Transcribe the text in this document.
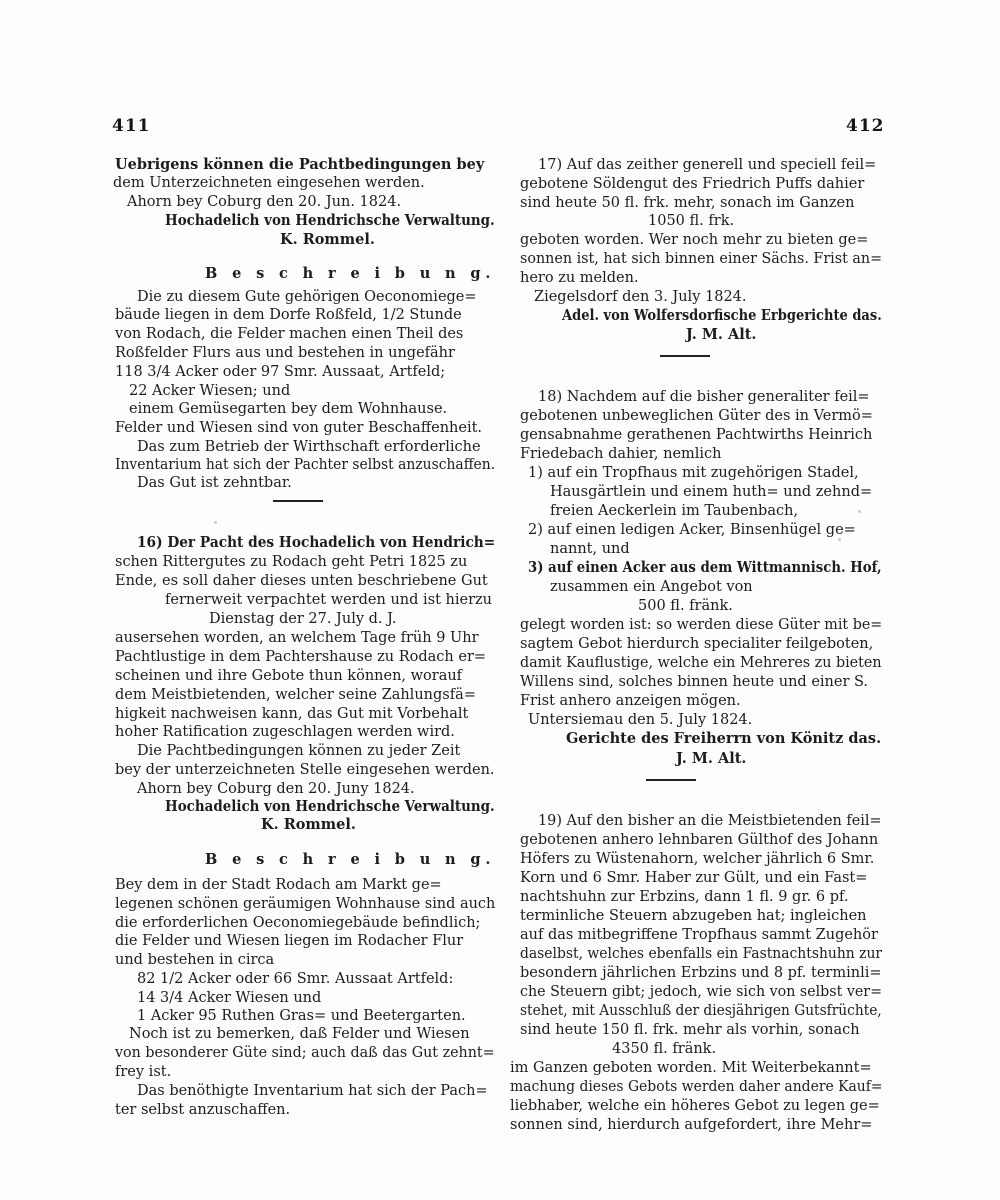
411	412
Uebrigens können die Pachtbedingungen bey
dem Unterzeichneten eingesehen werden.
Ahorn bey Coburg den 20. Jun. 1824.
Hochadelich von Hendrichsche Verwaltung.
K. Rommel.
B e s c h r e i b u n g.
Die zu diesem Gute gehörigen Oeconomiege=
bäude liegen in dem Dorfe Roßfeld, 1/2 Stunde
von Rodach, die Felder machen einen Theil des
Roßfelder Flurs aus und bestehen in ungefähr
118 3/4 Acker oder 97 Smr. Aussaat, Artfeld;
22 Acker Wiesen; und
einem Gemüsegarten bey dem Wohnhause.
Felder und Wiesen sind von guter Beschaffenheit.
Das zum Betrieb der Wirthschaft erforderliche
Inventarium hat sich der Pachter selbst anzuschaffen.
Das Gut ist zehntbar.
16) Der Pacht des Hochadelich von Hendrich=
schen Rittergutes zu Rodach geht Petri 1825 zu
Ende, es soll daher dieses unten beschriebene Gut
fernerweit verpachtet werden und ist hierzu
Dienstag der 27. July d. J.
ausersehen worden, an welchem Tage früh 9 Uhr
Pachtlustige in dem Pachtershause zu Rodach er=
scheinen und ihre Gebote thun können, worauf
dem Meistbietenden, welcher seine Zahlungsfä=
higkeit nachweisen kann, das Gut mit Vorbehalt
hoher Ratification zugeschlagen werden wird.
Die Pachtbedingungen können zu jeder Zeit
bey der unterzeichneten Stelle eingesehen werden.
Ahorn bey Coburg den 20. Juny 1824.
Hochadelich von Hendrichsche Verwaltung.
K. Rommel.
B e s c h r e i b u n g.
Bey dem in der Stadt Rodach am Markt ge=
legenen schönen geräumigen Wohnhause sind auch
die erforderlichen Oeconomiegebäude befindlich;
die Felder und Wiesen liegen im Rodacher Flur
und bestehen in circa
82 1/2 Acker oder 66 Smr. Aussaat Artfeld:
14 3/4 Acker Wiesen und
1 Acker 95 Ruthen Gras= und Beetergarten.
Noch ist zu bemerken, daß Felder und Wiesen
von besonderer Güte sind; auch daß das Gut zehnt=
frey ist.
Das benöthigte Inventarium hat sich der Pach=
ter selbst anzuschaffen.
17) Auf das zeither generell und speciell feil=
gebotene Söldengut des Friedrich Puffs dahier
sind heute 50 fl. frk. mehr, sonach im Ganzen
1050 fl. frk.
geboten worden. Wer noch mehr zu bieten ge=
sonnen ist, hat sich binnen einer Sächs. Frist an=
hero zu melden.
Ziegelsdorf den 3. July 1824.
Adel. von Wolfersdorfische Erbgerichte das.
J. M. Alt.
18) Nachdem auf die bisher generaliter feil=
gebotenen unbeweglichen Güter des in Vermö=
gensabnahme gerathenen Pachtwirths Heinrich
Friedebach dahier, nemlich
1) auf ein Tropfhaus mit zugehörigen Stadel,
Hausgärtlein und einem huth= und zehnd=
freien Aeckerlein im Taubenbach,
2) auf einen ledigen Acker, Binsenhügel ge=
nannt, und
3) auf einen Acker aus dem Wittmannisch. Hof,
zusammen ein Angebot von
500 fl. fränk.
gelegt worden ist: so werden diese Güter mit be=
sagtem Gebot hierdurch specialiter feilgeboten,
damit Kauflustige, welche ein Mehreres zu bieten
Willens sind, solches binnen heute und einer S.
Frist anhero anzeigen mögen.
Untersiemau den 5. July 1824.
Gerichte des Freiherrn von Könitz das.
J. M. Alt.
19) Auf den bisher an die Meistbietenden feil=
gebotenen anhero lehnbaren Gülthof des Johann
Höfers zu Wüstenahorn, welcher jährlich 6 Smr.
Korn und 6 Smr. Haber zur Gült, und ein Fast=
nachtshuhn zur Erbzins, dann 1 fl. 9 gr. 6 pf.
terminliche Steuern abzugeben hat; ingleichen
auf das mitbegriffene Tropfhaus sammt Zugehör
daselbst, welches ebenfalls ein Fastnachtshuhn zur
besondern jährlichen Erbzins und 8 pf. terminli=
che Steuern gibt; jedoch, wie sich von selbst ver=
stehet, mit Ausschluß der diesjährigen Gutsfrüchte,
sind heute 150 fl. frk. mehr als vorhin, sonach
4350 fl. fränk.
im Ganzen geboten worden. Mit Weiterbekannt=
machung dieses Gebots werden daher andere Kauf=
liebhaber, welche ein höheres Gebot zu legen ge=
sonnen sind, hierdurch aufgefordert, ihre Mehr=
